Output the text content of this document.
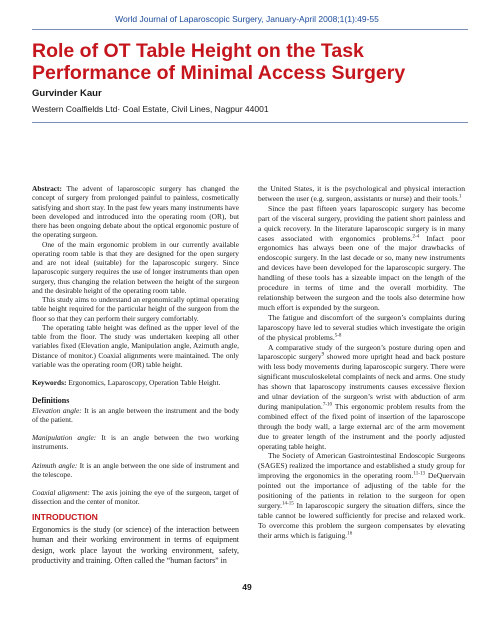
World Journal of Laparoscopic Surgery, January-April 2008;1(1):49-55
Role of OT Table Height on the Task Performance of Minimal Access Surgery
Gurvinder Kaur
Western Coalfields Ltd· Coal Estate, Civil Lines, Nagpur 44001

Abstract: The advent of laparoscopic surgery has changed the concept of surgery from prolonged painful to painless, cosmetically satisfying and short stay. In the past few years many instruments have been developed and introduced into the operating room (OR), but there has been ongoing debate about the optical ergonomic posture of the operating surgeon.

One of the main ergonomic problem in our currently available operating room table is that they are designed for the open surgery and are not ideal (suitable) for the laparoscopic surgery. Since laparoscopic surgery requires the use of longer instruments than open surgery, thus changing the relation between the height of the surgeon and the desirable height of the operating room table.

This study aims to understand an ergonomically optimal operating table height required for the particular height of the surgeon from the floor so that they can perform their surgery comfortably.

The operating table height was defined as the upper level of the table from the floor. The study was undertaken keeping all other variables fixed (Elevation angle, Manipulation angle, Azimuth angle, Distance of monitor.) Coaxial alignments were maintained. The only variable was the operating room (OR) table height.

Keywords: Ergonomics, Laparoscopy, Operation Table Height.

Definitions

Elevation angle: It is an angle between the instrument and the body of the patient.

Manipulation angle: It is an angle between the two working instruments.

Azimuth angle: It is an angle between the one side of instrument and the telescope.

Coaxial alignment: The axis joining the eye of the surgeon, target of dissection and the center of monitor.

INTRODUCTION

Ergonomics is the study (or science) of the interaction between human and their working environment in terms of equipment design, work place layout the working environment, safety, productivity and training. Often called the “human factors” in

the United States, it is the psychological and physical interaction between the user (e.g. surgeon, assistants or nurse) and their tools.$^1$

Since the past fifteen years laparoscopic surgery has become part of the visceral surgery, providing the patient short painless and a quick recovery. In the literature laparoscopic surgery is in many cases associated with ergonomics problems.$^{2-4}$ Infact poor ergonomics has always been one of the major drawbacks of endoscopic surgery. In the last decade or so, many new instruments and devices have been developed for the laparoscopic surgery. The handling of these tools has a sizeable impact on the length of the procedure in terms of time and the overall morbidity. The relationship between the surgeon and the tools also determine how much effort is expended by the surgeon.

The fatigue and discomfort of the surgeon’s complaints during laparoscopy have led to several studies which investigate the origin of the physical problems.$^{5-8}$

A comparative study of the surgeon’s posture during open and laparoscopic surgery$^9$ showed more upright head and back posture with less body movements during laparoscopic surgery. There were significant musculoskeletal complaints of neck and arms. One study has shown that laparoscopy instruments causes excessive flexion and ulnar deviation of the surgeon’s wrist with abduction of arm during manipulation.$^{7-10}$ This ergonomic problem results from the combined effect of the fixed point of insertion of the laparoscope through the body wall, a large external arc of the arm movement due to greater length of the instrument and the poorly adjusted operating table height.

The Society of American Gastrointestinal Endoscopic Surgeons (SAGES) realized the importance and established a study group for improving the ergonomics in the operating room.$^{11-13}$ DeQuervain pointed out the importance of adjusting of the table for the positioning of the patients in relation to the surgeon for open surgery.$^{14-15}$ In laparoscopic surgery the situation differs, since the table cannot be lowered sufficiently for precise and relaxed work. To overcome this problem the surgeon compensates by elevating their arms which is fatiguing.$^{16}$

49
